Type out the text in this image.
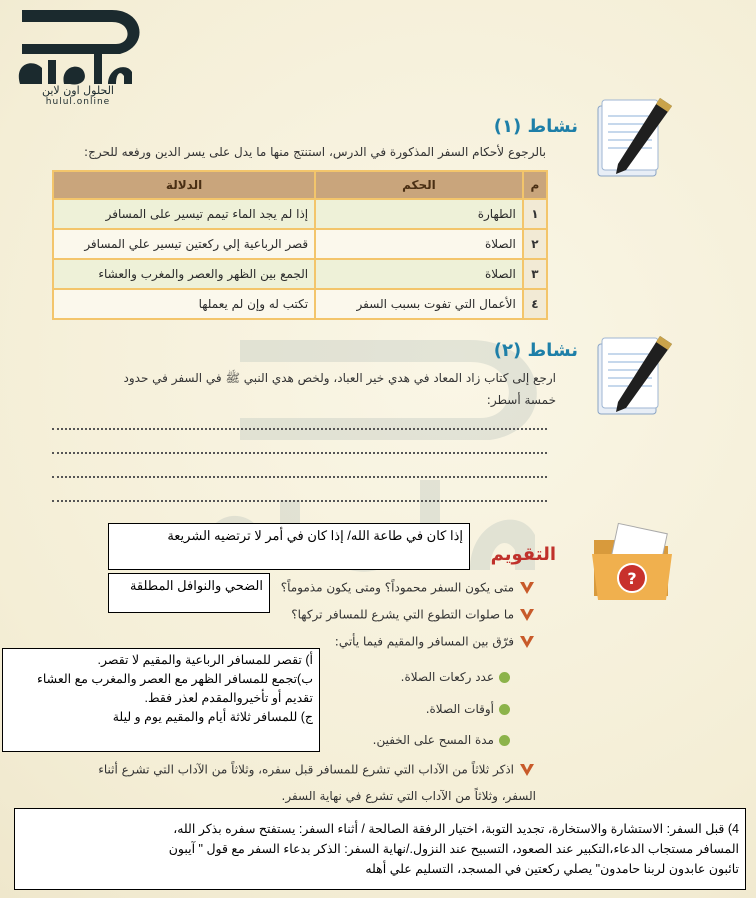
الحلول اون لاين
hulul.online
نشاط (١)
بالرجوع لأحكام السفر المذكورة في الدرس، استنتج منها ما يدل على يسر الدين ورفعه للحرج:
م	الحكم	الدلالة
١	الطهارة	إذا لم يجد الماء تيمم تيسير على المسافر
٢	الصلاة	قصر الرباعية إلي ركعتين تيسير علي المسافر
٣	الصلاة	الجمع بين الظهر والعصر والمغرب والعشاء
٤	الأعمال التي تفوت بسبب السفر	تكتب له وإن لم يعملها
نشاط (٢)
ارجع إلى كتاب زاد المعاد في هدي خير العباد، ولخص هدي النبي ﷺ في السفر في حدود
خمسة أسطر:
?
التقويم
متى يكون السفر محموداً؟ ومتى يكون مذموماً؟
ما صلوات التطوع التي يشرع للمسافر تركها؟
فرّق بين المسافر والمقيم فيما يأتي:
عدد ركعات الصلاة.
أوقات الصلاة.
مدة المسح على الخفين.
اذكر ثلاثاً من الآداب التي تشرع للمسافر قبل سفره، وثلاثاً من الآداب التي تشرع أثناء
السفر، وثلاثاً من الآداب التي تشرع في نهاية السفر.

إذا كان في طاعة الله/ إذا كان في أمر لا ترتضيه الشريعة

الضحي والنوافل المطلقة

أ) تقصر للمسافر الرباعية والمقيم لا تقصر.

ب)تجمع للمسافر الظهر مع العصر والمغرب مع العشاء

تقديم أو تأخيروالمقدم لعذر فقط.

ج) للمسافر ثلاثة أيام والمقيم يوم و ليلة

4) قبل السفر: الاستشارة والاستخارة، تجديد التوبة، اختيار الرفقة الصالحة / أثناء السفر: يستفتح سفره بذكر الله،

المسافر مستجاب الدعاء،التكبير عند الصعود، التسبيح عند النزول./نهاية السفر: الذكر بدعاء السفر مع قول " آيبون

تائبون عابدون لربنا حامدون" يصلي ركعتين في المسجد، التسليم علي أهله
